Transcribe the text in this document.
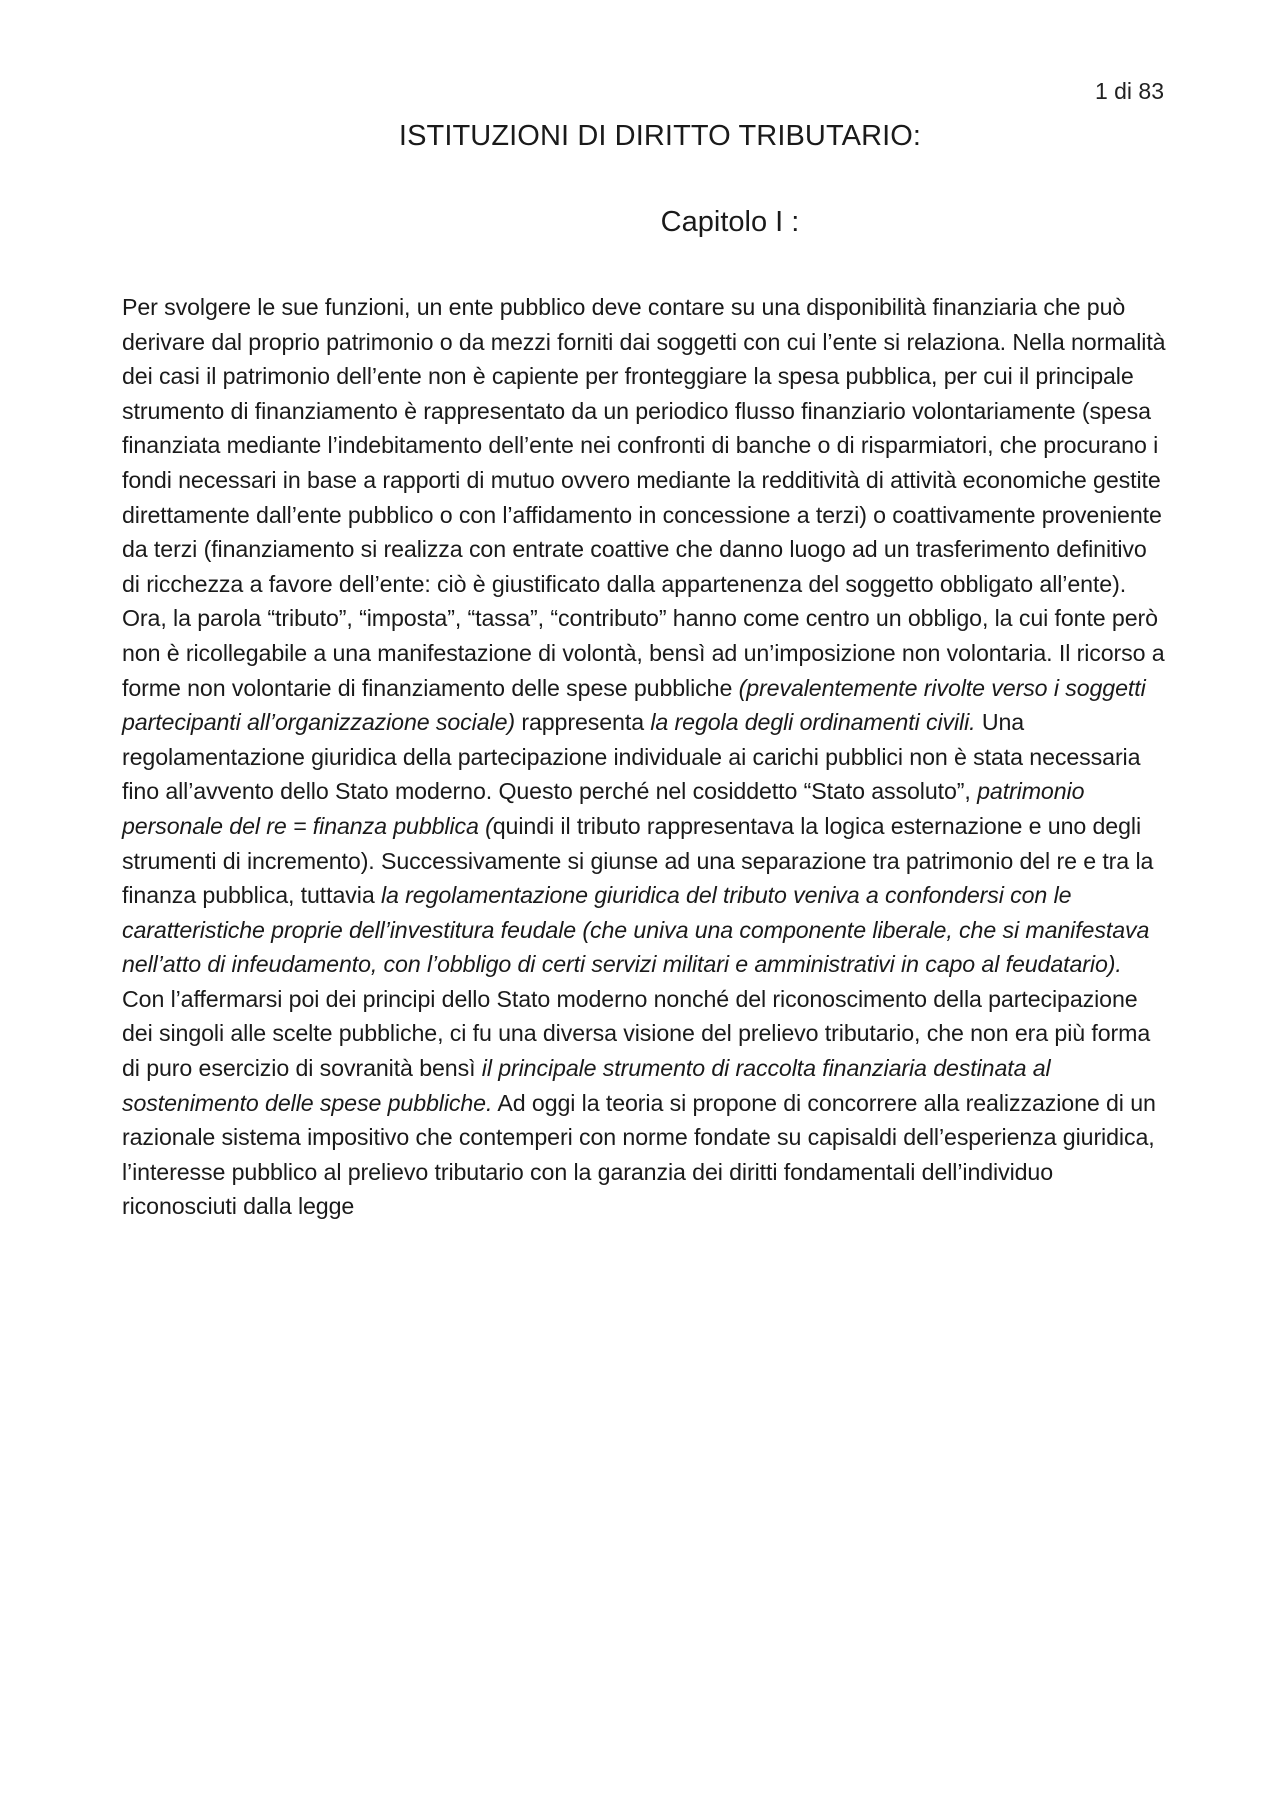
1 di 83
ISTITUZIONI DI DIRITTO TRIBUTARIO:
Capitolo I :

Per svolgere le sue funzioni, un ente pubblico deve contare su una disponibilità finanziaria che può derivare dal proprio patrimonio o da mezzi forniti dai soggetti con cui l’ente si relaziona. Nella normalità dei casi il patrimonio dell’ente non è capiente per fronteggiare la spesa pubblica, per cui il principale strumento di finanziamento è rappresentato da un periodico flusso finanziario volontariamente (spesa finanziata mediante l’indebitamento dell’ente nei confronti di banche o di risparmiatori, che procurano i fondi necessari in base a rapporti di mutuo ovvero mediante la redditività di attività economiche gestite direttamente dall’ente pubblico o con l’affidamento in concessione a terzi) o coattivamente proveniente da terzi (finanziamento si realizza con entrate coattive che danno luogo ad un trasferimento definitivo di ricchezza a favore dell’ente: ciò è giustificato dalla appartenenza del soggetto obbligato all’ente).

Ora, la parola “tributo”, “imposta”, “tassa”, “contributo” hanno come centro un obbligo, la cui fonte però non è ricollegabile a una manifestazione di volontà, bensì ad un’imposizione non volontaria. Il ricorso a forme non volontarie di finanziamento delle spese pubbliche (prevalentemente rivolte verso i soggetti partecipanti all’organizzazione sociale) rappresenta la regola degli ordinamenti civili. Una regolamentazione giuridica della partecipazione individuale ai carichi pubblici non è stata necessaria fino all’avvento dello Stato moderno. Questo perché nel cosiddetto “Stato assoluto”, patrimonio personale del re = finanza pubblica (quindi il tributo rappresentava la logica esternazione e uno degli strumenti di incremento). Successivamente si giunse ad una separazione tra patrimonio del re e tra la finanza pubblica, tuttavia la regolamentazione giuridica del tributo veniva a confondersi con le caratteristiche proprie dell’investitura feudale (che univa una componente liberale, che si manifestava nell’atto di infeudamento, con l’obbligo di certi servizi militari e amministrativi in capo al feudatario). Con l’affermarsi poi dei principi dello Stato moderno nonché del riconoscimento della partecipazione dei singoli alle scelte pubbliche, ci fu una diversa visione del prelievo tributario, che non era più forma di puro esercizio di sovranità bensì il principale strumento di raccolta finanziaria destinata al sostenimento delle spese pubbliche. Ad oggi la teoria si propone di concorrere alla realizzazione di un razionale sistema impositivo che contemperi con norme fondate su capisaldi dell’esperienza giuridica, l’interesse pubblico al prelievo tributario con la garanzia dei diritti fondamentali dell’individuo riconosciuti dalla legge
